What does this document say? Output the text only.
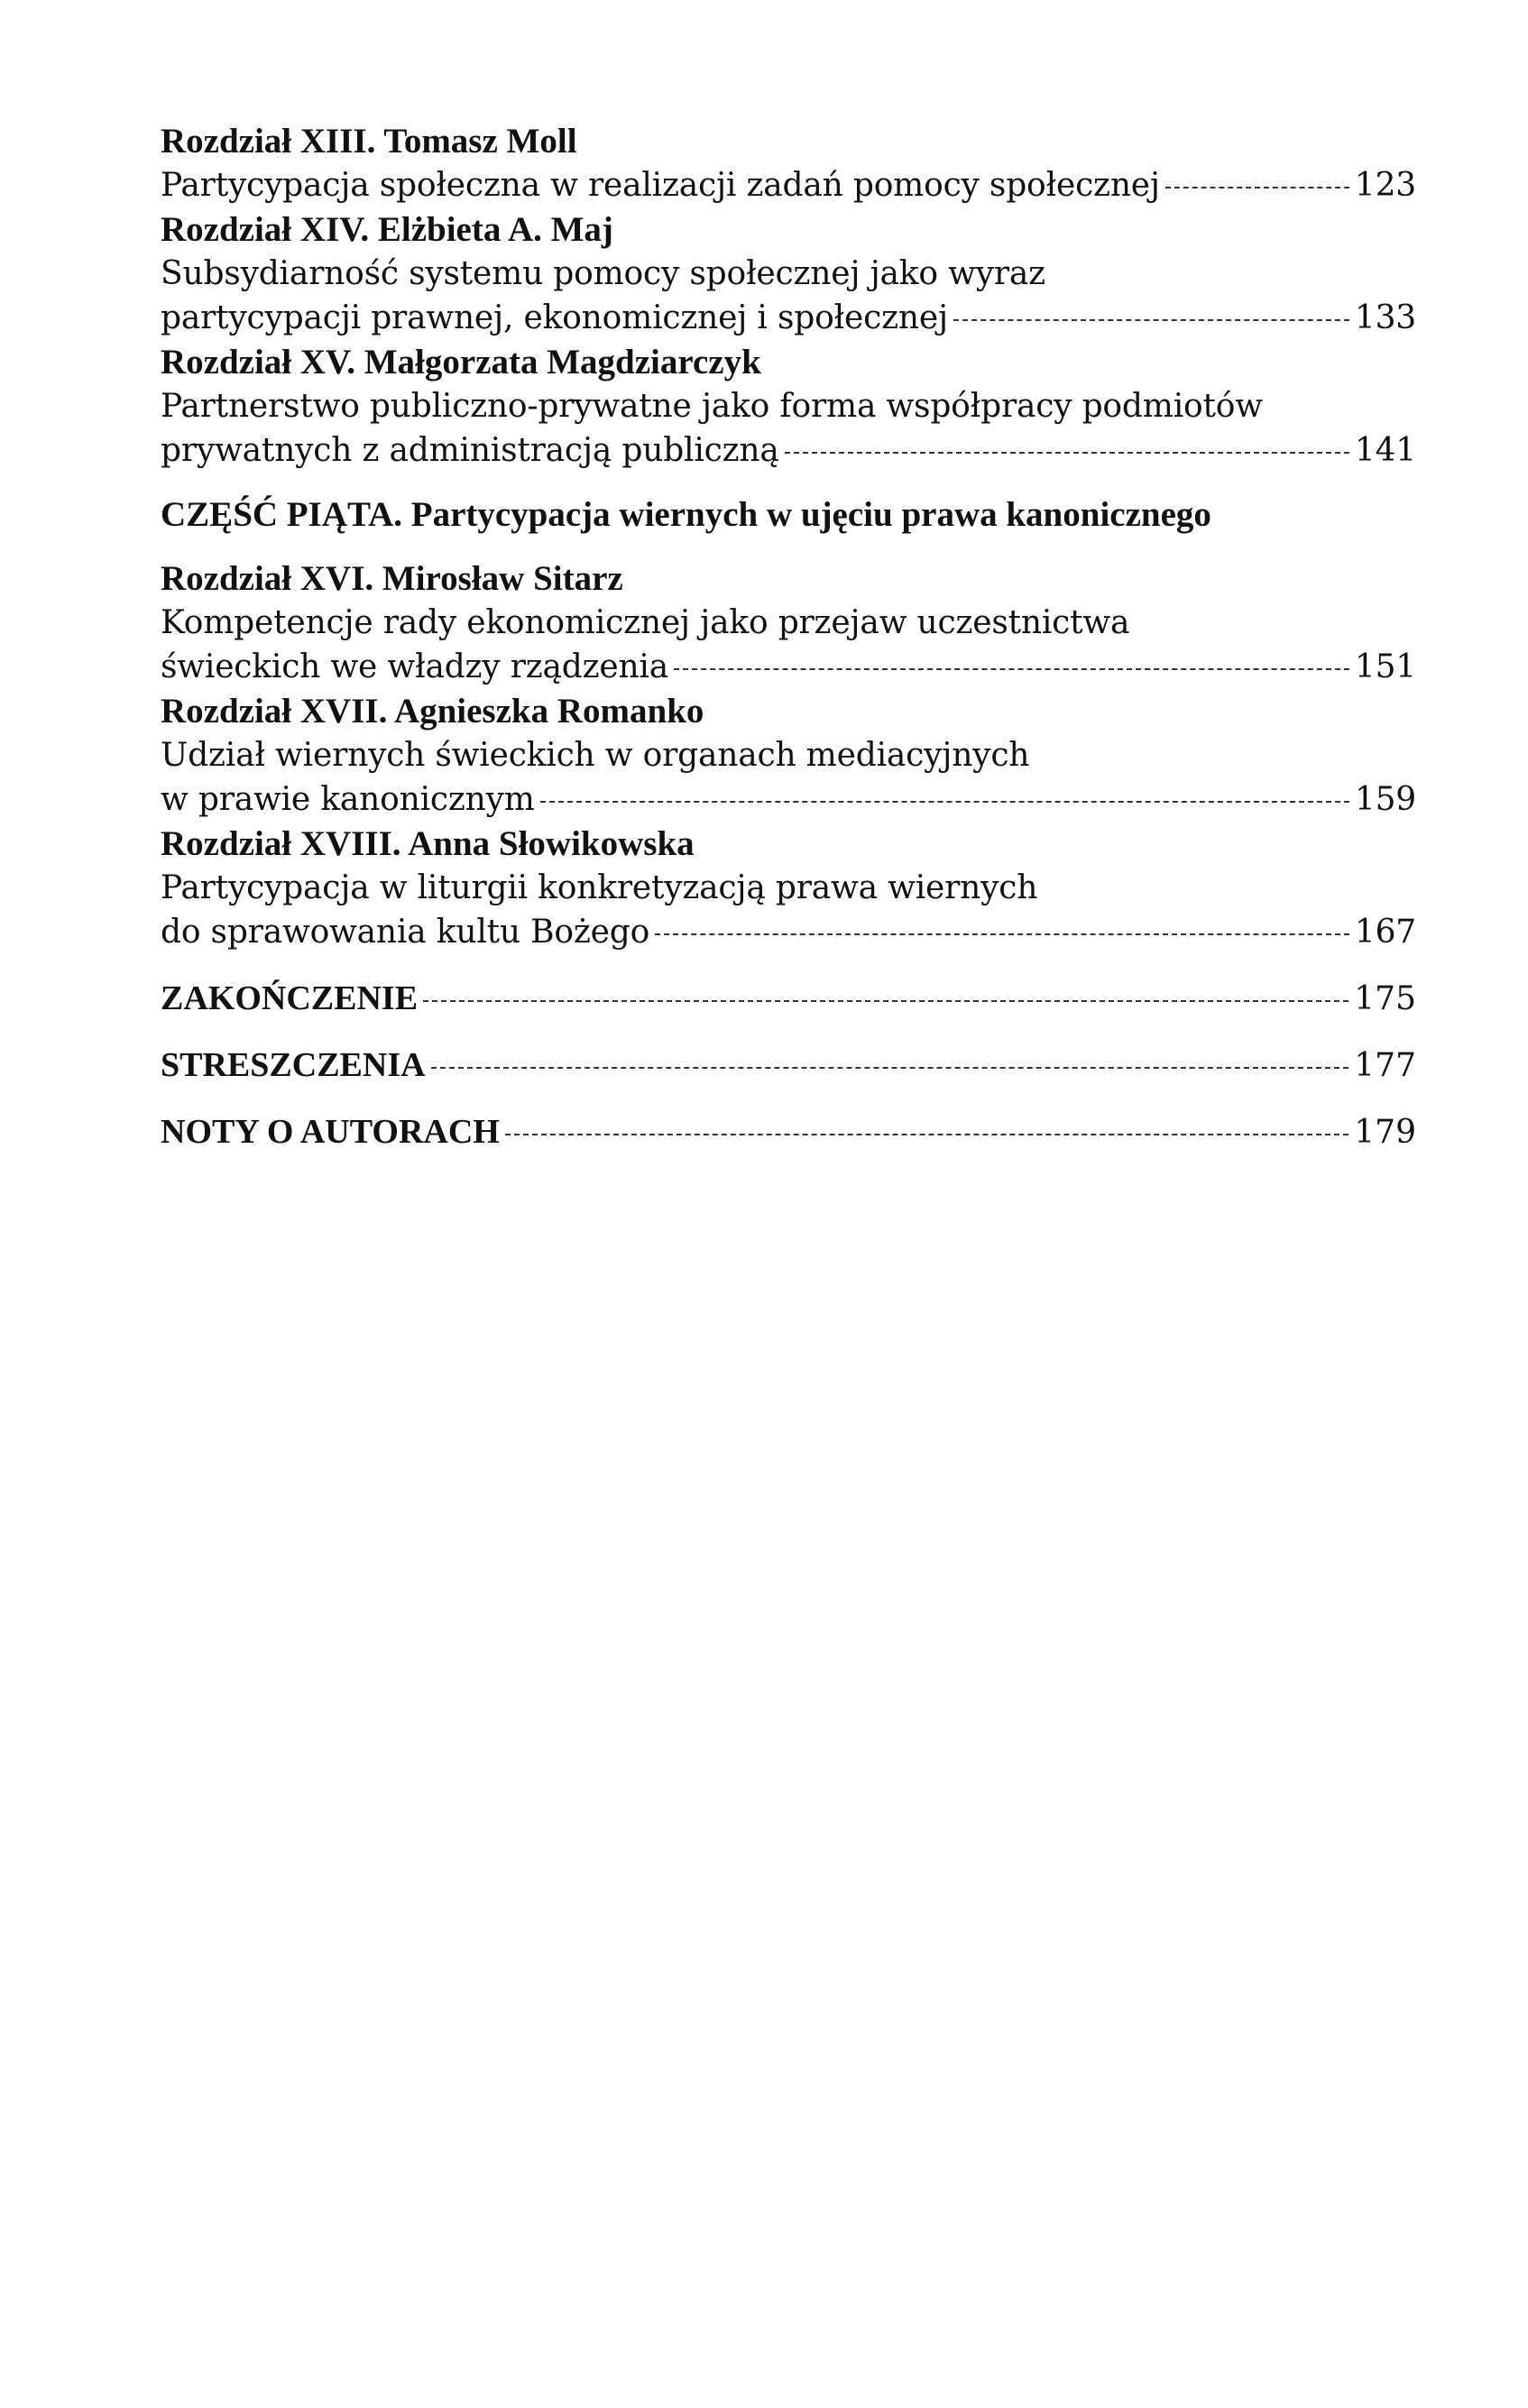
Rozdział XIII. Tomasz Moll
Partycypacja społeczna w realizacji zadań pomocy społecznej	123
Rozdział XIV. Elżbieta A. Maj
Subsydiarność systemu pomocy społecznej jako wyraz
partycypacji prawnej, ekonomicznej i społecznej	133
Rozdział XV. Małgorzata Magdziarczyk
Partnerstwo publiczno-prywatne jako forma współpracy podmiotów
prywatnych z administracją publiczną	141
CZĘŚĆ PIĄTA. Partycypacja wiernych w ujęciu prawa kanonicznego
Rozdział XVI. Mirosław Sitarz
Kompetencje rady ekonomicznej jako przejaw uczestnictwa
świeckich we władzy rządzenia	151
Rozdział XVII. Agnieszka Romanko
Udział wiernych świeckich w organach mediacyjnych
w prawie kanonicznym	159
Rozdział XVIII. Anna Słowikowska
Partycypacja w liturgii konkretyzacją prawa wiernych
do sprawowania kultu Bożego	167
ZAKOŃCZENIE	175
STRESZCZENIA	177
NOTY O AUTORACH	179
